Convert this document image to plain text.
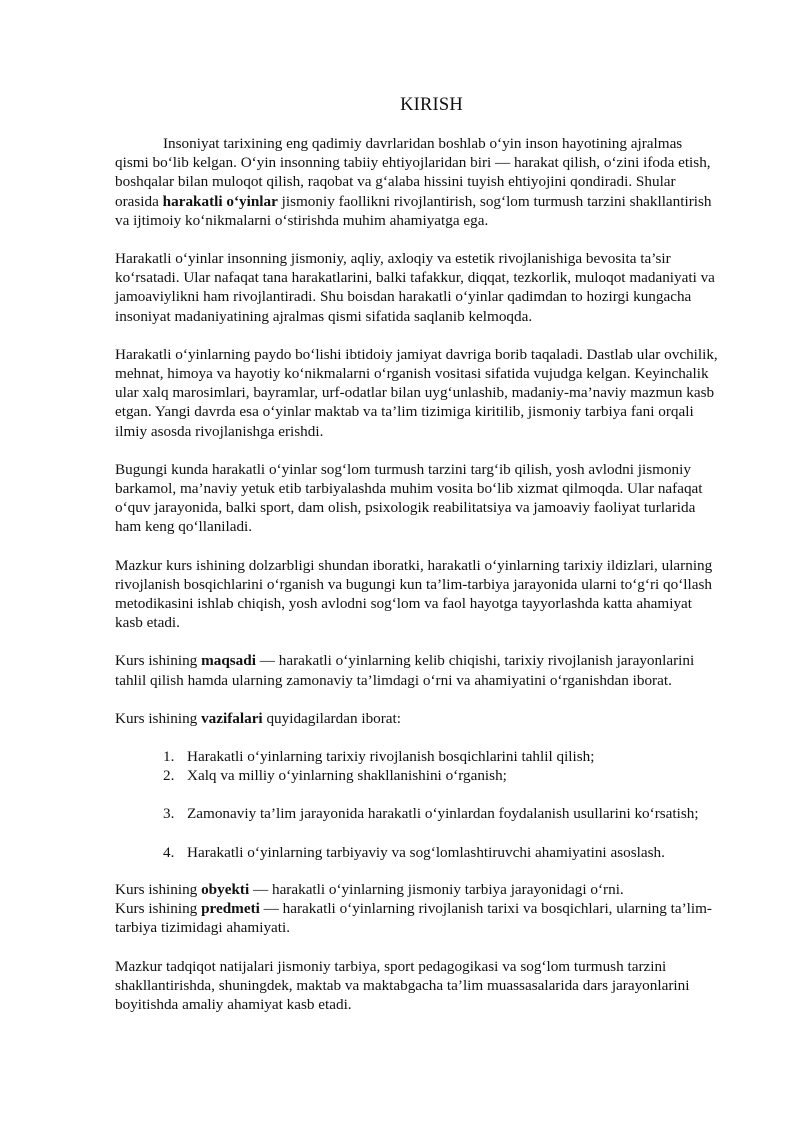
KIRISH

Insoniyat tarixining eng qadimiy davrlaridan boshlab o‘yin inson hayotining ajralmas qismi bo‘lib kelgan. O‘yin insonning tabiiy ehtiyojlaridan biri — harakat qilish, o‘zini ifoda etish, boshqalar bilan muloqot qilish, raqobat va g‘alaba hissini tuyish ehtiyojini qondiradi. Shular orasida harakatli o‘yinlar jismoniy faollikni rivojlantirish, sog‘lom turmush tarzini shakllantirish va ijtimoiy ko‘nikmalarni o‘stirishda muhim ahamiyatga ega.

Harakatli o‘yinlar insonning jismoniy, aqliy, axloqiy va estetik rivojlanishiga bevosita ta’sir ko‘rsatadi. Ular nafaqat tana harakatlarini, balki tafakkur, diqqat, tezkorlik, muloqot madaniyati va jamoaviylikni ham rivojlantiradi. Shu boisdan harakatli o‘yinlar qadimdan to hozirgi kungacha insoniyat madaniyatining ajralmas qismi sifatida saqlanib kelmoqda.

Harakatli o‘yinlarning paydo bo‘lishi ibtidoiy jamiyat davriga borib taqaladi. Dastlab ular ovchilik, mehnat, himoya va hayotiy ko‘nikmalarni o‘rganish vositasi sifatida vujudga kelgan. Keyinchalik ular xalq marosimlari, bayramlar, urf-odatlar bilan uyg‘unlashib, madaniy-ma’naviy mazmun kasb etgan. Yangi davrda esa o‘yinlar maktab va ta’lim tizimiga kiritilib, jismoniy tarbiya fani orqali ilmiy asosda rivojlanishga erishdi.

Bugungi kunda harakatli o‘yinlar sog‘lom turmush tarzini targ‘ib qilish, yosh avlodni jismoniy barkamol, ma’naviy yetuk etib tarbiyalashda muhim vosita bo‘lib xizmat qilmoqda. Ular nafaqat o‘quv jarayonida, balki sport, dam olish, psixologik reabilitatsiya va jamoaviy faoliyat turlarida ham keng qo‘llaniladi.

Mazkur kurs ishining dolzarbligi shundan iboratki, harakatli o‘yinlarning tarixiy ildizlari, ularning rivojlanish bosqichlarini o‘rganish va bugungi kun ta’lim-tarbiya jarayonida ularni to‘g‘ri qo‘llash metodikasini ishlab chiqish, yosh avlodni sog‘lom va faol hayotga tayyorlashda katta ahamiyat kasb etadi.

Kurs ishining maqsadi — harakatli o‘yinlarning kelib chiqishi, tarixiy rivojlanish jarayonlarini tahlil qilish hamda ularning zamonaviy ta’limdagi o‘rni va ahamiyatini o‘rganishdan iborat.

Kurs ishining vazifalari quyidagilardan iborat:

1. Harakatli o‘yinlarning tarixiy rivojlanish bosqichlarini tahlil qilish;
2. Xalq va milliy o‘yinlarning shakllanishini o‘rganish;
3. Zamonaviy ta’lim jarayonida harakatli o‘yinlardan foydalanish usullarini ko‘rsatish;
4. Harakatli o‘yinlarning tarbiyaviy va sog‘lomlashtiruvchi ahamiyatini asoslash.

Kurs ishining obyekti — harakatli o‘yinlarning jismoniy tarbiya jarayonidagi o‘rni.

Kurs ishining predmeti — harakatli o‘yinlarning rivojlanish tarixi va bosqichlari, ularning ta’lim-tarbiya tizimidagi ahamiyati.

Mazkur tadqiqot natijalari jismoniy tarbiya, sport pedagogikasi va sog‘lom turmush tarzini shakllantirishda, shuningdek, maktab va maktabgacha ta’lim muassasalarida dars jarayonlarini boyitishda amaliy ahamiyat kasb etadi.
